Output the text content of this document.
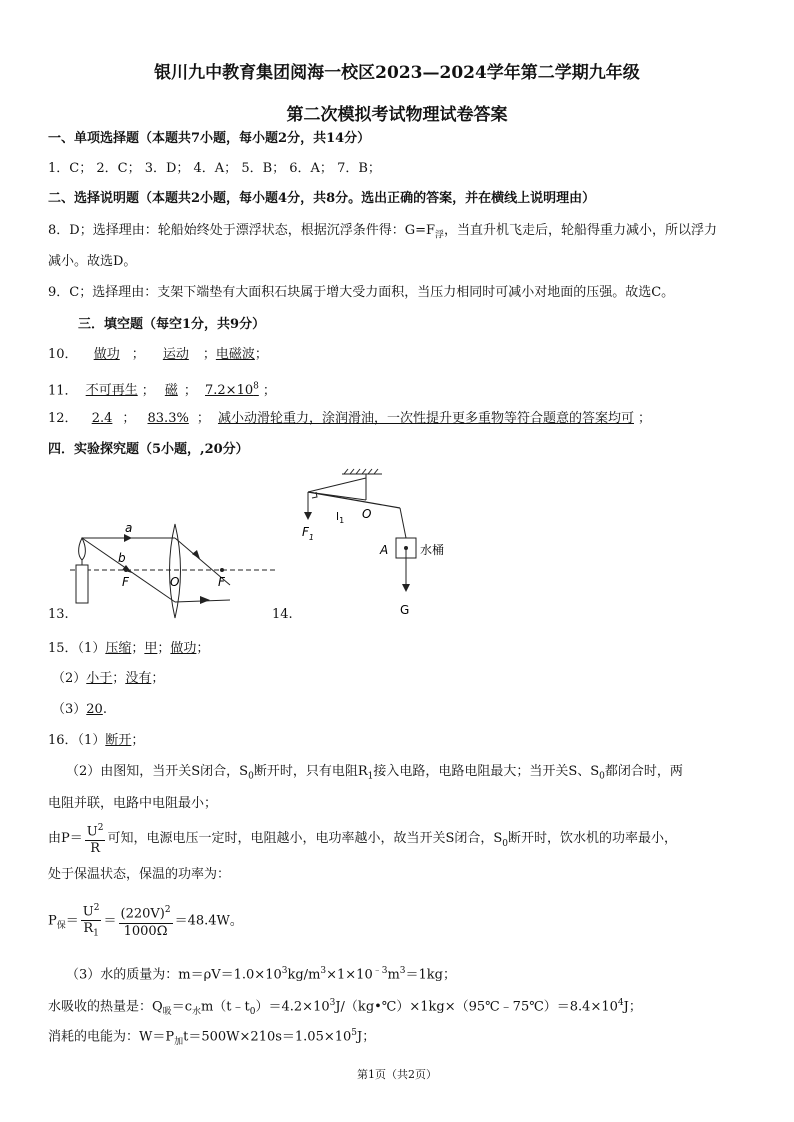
银川九中教育集团阅海一校区2023—2024学年第二学期九年级
第二次模拟考试物理试卷答案
一、单项选择题（本题共7小题，每小题2分，共14分）
1．C； 2．C； 3．D； 4．A； 5．B； 6．A； 7．B；
二、选择说明题（本题共2小题，每小题4分，共8分。选出正确的答案，并在横线上说明理由）
8．D；选择理由：轮船始终处于漂浮状态，根据沉浮条件得：$G=F_浮$，当直升机飞走后，轮船得重力减小，所以浮力
减小。故选D。
9．C；选择理由：支架下端垫有大面积石块属于增大受力面积，当压力相同时可减小对地面的压强。故选C。
三．填空题（每空1分，共9分）
10． 做功 ； 运动 ；电磁波；
11． 不可再生 ； 磁 ； $7.2\times 10^8$ ；
12． 2.4 ； 83.3% ； 减小动滑轮重力，涂润滑油，一次性提升更多重物等符合题意的答案均可 ；
四．实验探究题（5小题，,20分）
13.
a
b
F	F
O
14.
$F_1$
$l_1$ O
A	水桶
G
15．（1）压缩；甲；做功；
（2）小于；没有；
（3）20.
16．（1）断开；
（2）由图知，当开关S闭合，$S_0$断开时，只有电阻$R_1$接入电路，电路电阻最大；当开关S、$S_0$都闭合时，两
电阻并联，电路中电阻最小；
由$P= \frac{U^2}{R}$ 可知，电源电压一定时，电阻越小，电功率越小，故当开关S闭合，$S_0$断开时，饮水机的功率最小，
处于保温状态，保温的功率为：
$P_保= \frac{U^2}{R_1} = \frac{(220V)^2}{1000\Omega} =48.4W$。
（3）水的质量为：$m=\rho V=1.0\times 10^3kg/m^3\times 1\times 10^{﹣3}m^3=1kg$；
水吸收的热量是：$Q_吸=c_水m(t﹣t_0)=4.2\times 10^3J/(kg•℃)\times 1kg\times(95℃﹣75℃)=8.4\times 10^4J$；
消耗的电能为：$W=P_加t=500W\times 210s=1.05\times 10^5J$；
第1页（共2页）
